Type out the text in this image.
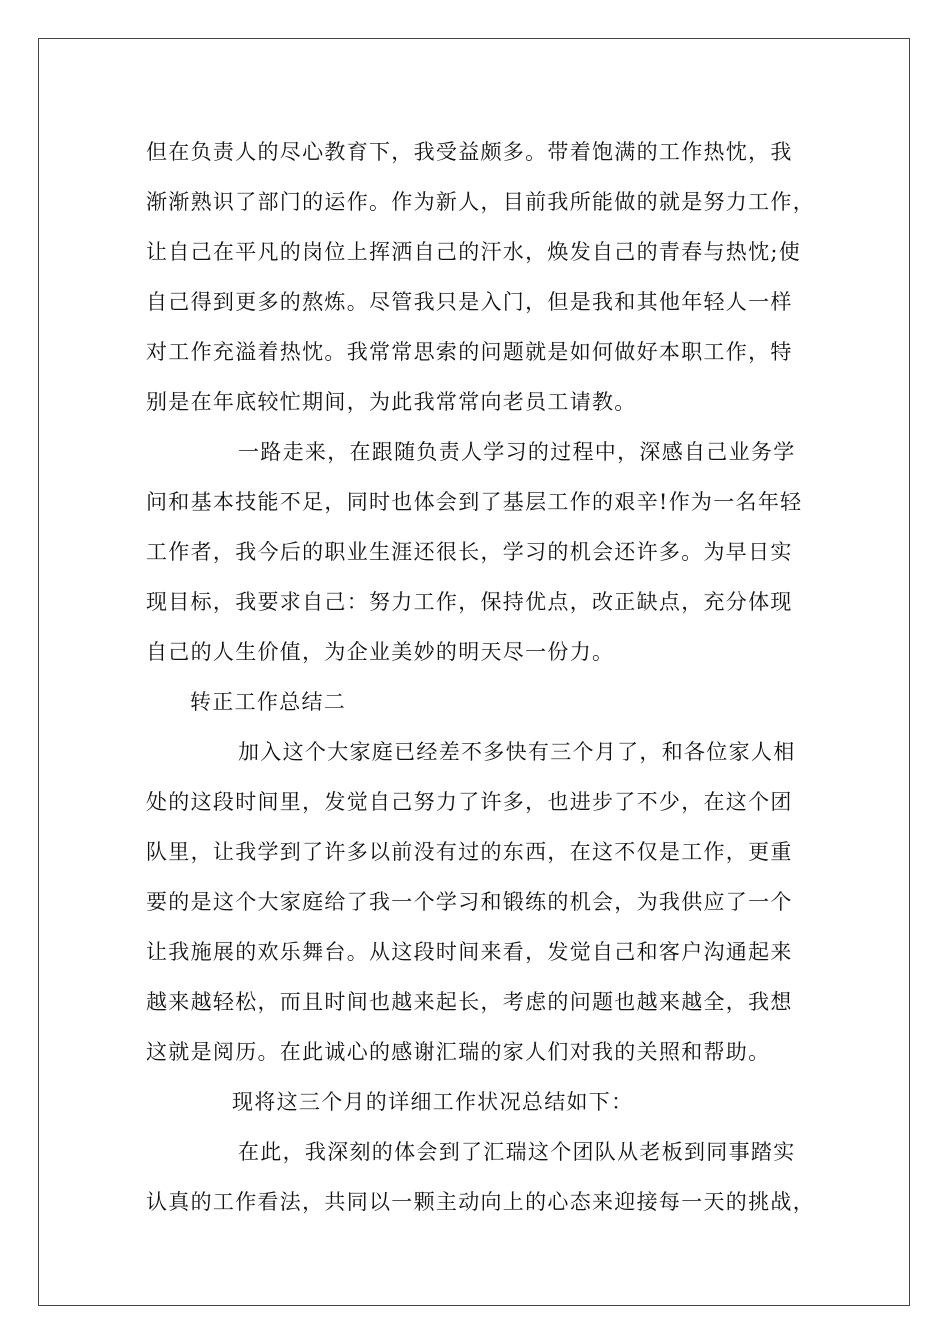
但在负责人的尽心教育下，我受益颇多。带着饱满的工作热忱，我

渐渐熟识了部门的运作。作为新人，目前我所能做的就是努力工作，

让自己在平凡的岗位上挥洒自己的汗水，焕发自己的青春与热忱;使

自己得到更多的熬炼。尽管我只是入门，但是我和其他年轻人一样

对工作充溢着热忱。我常常思索的问题就是如何做好本职工作，特

别是在年底较忙期间，为此我常常向老员工请教。

一路走来，在跟随负责人学习的过程中，深感自己业务学

问和基本技能不足，同时也体会到了基层工作的艰辛!作为一名年轻

工作者，我今后的职业生涯还很长，学习的机会还许多。为早日实

现目标，我要求自己：努力工作，保持优点，改正缺点，充分体现

自己的人生价值，为企业美妙的明天尽一份力。

转正工作总结二

加入这个大家庭已经差不多快有三个月了，和各位家人相

处的这段时间里，发觉自己努力了许多，也进步了不少，在这个团

队里，让我学到了许多以前没有过的东西，在这不仅是工作，更重

要的是这个大家庭给了我一个学习和锻练的机会，为我供应了一个

让我施展的欢乐舞台。从这段时间来看，发觉自己和客户沟通起来

越来越轻松，而且时间也越来起长，考虑的问题也越来越全，我想

这就是阅历。在此诚心的感谢汇瑞的家人们对我的关照和帮助。

现将这三个月的详细工作状况总结如下：

在此，我深刻的体会到了汇瑞这个团队从老板到同事踏实

认真的工作看法，共同以一颗主动向上的心态来迎接每一天的挑战，
